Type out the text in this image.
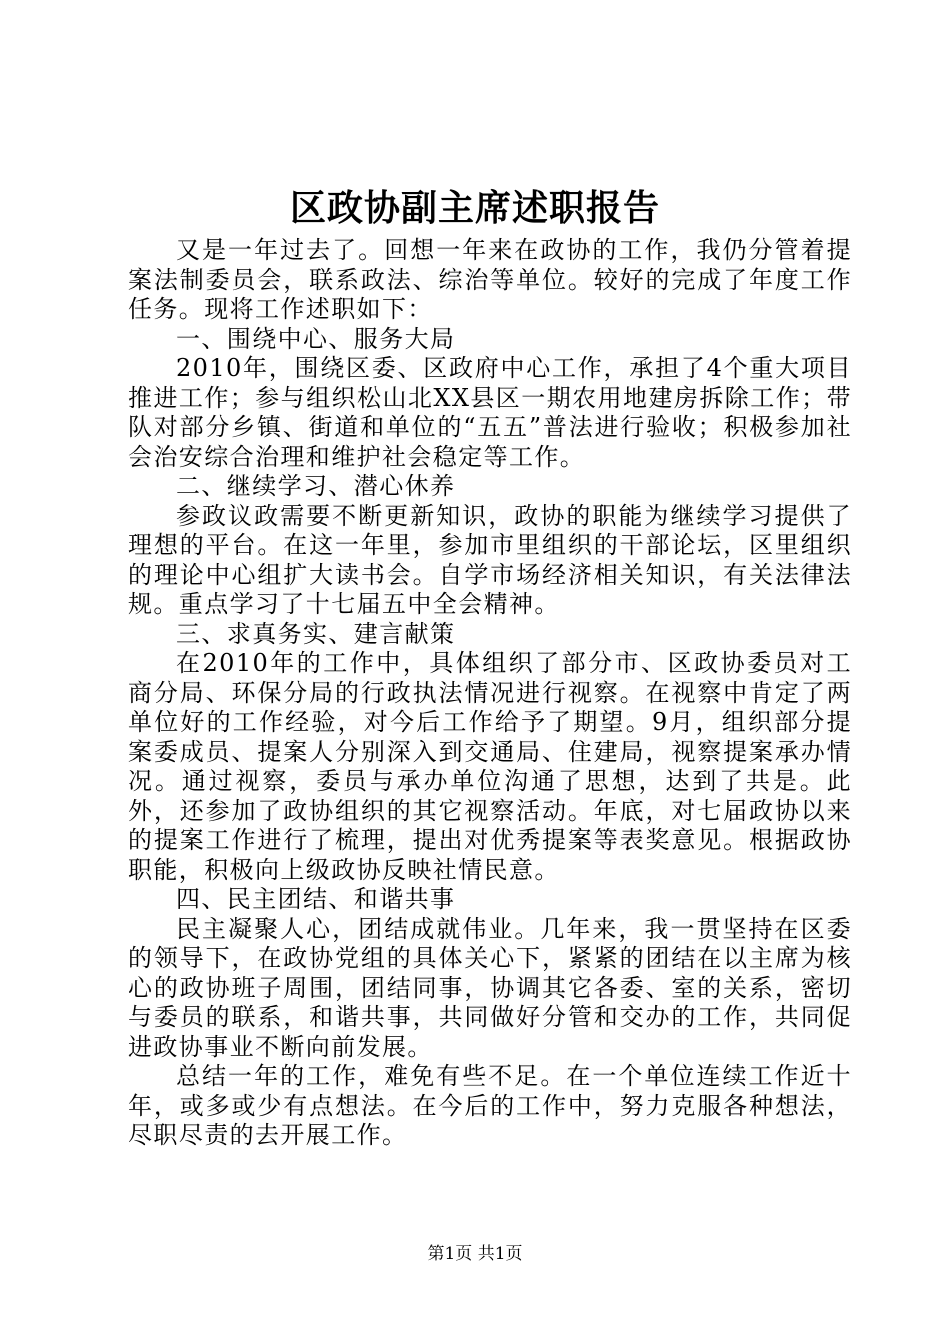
区政协副主席述职报告

又是一年过去了。回想一年来在政协的工作，我仍分管着提案法制委员会，联系政法、综治等单位。较好的完成了年度工作任务。现将工作述职如下：

一、围绕中心、服务大局

2010年，围绕区委、区政府中心工作，承担了4个重大项目推进工作；参与组织松山北XX县区一期农用地建房拆除工作；带队对部分乡镇、街道和单位的“五五”普法进行验收；积极参加社会治安综合治理和维护社会稳定等工作。

二、继续学习、潜心休养

参政议政需要不断更新知识，政协的职能为继续学习提供了理想的平台。在这一年里，参加市里组织的干部论坛，区里组织的理论中心组扩大读书会。自学市场经济相关知识，有关法律法规。重点学习了十七届五中全会精神。

三、求真务实、建言献策

在2010年的工作中，具体组织了部分市、区政协委员对工商分局、环保分局的行政执法情况进行视察。在视察中肯定了两单位好的工作经验，对今后工作给予了期望。9月，组织部分提案委成员、提案人分别深入到交通局、住建局，视察提案承办情况。通过视察，委员与承办单位沟通了思想，达到了共是。此外，还参加了政协组织的其它视察活动。年底，对七届政协以来的提案工作进行了梳理，提出对优秀提案等表奖意见。根据政协职能，积极向上级政协反映社情民意。

四、民主团结、和谐共事

民主凝聚人心，团结成就伟业。几年来，我一贯坚持在区委的领导下，在政协党组的具体关心下，紧紧的团结在以主席为核心的政协班子周围，团结同事，协调其它各委、室的关系，密切与委员的联系，和谐共事，共同做好分管和交办的工作，共同促进政协事业不断向前发展。

总结一年的工作，难免有些不足。在一个单位连续工作近十年，或多或少有点想法。在今后的工作中，努力克服各种想法，尽职尽责的去开展工作。

第1页 共1页
